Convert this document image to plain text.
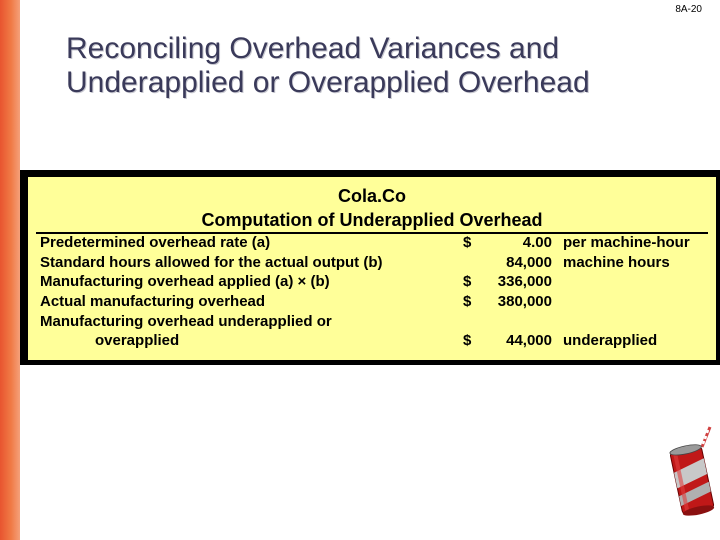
8A-20
Reconciling Overhead Variances and
Underapplied or Overapplied Overhead
Cola.Co
Computation of Underapplied Overhead
Predetermined overhead rate (a)	$	4.00 per machine-hour
Standard hours allowed for the actual output (b)	84,000 machine hours
Manufacturing overhead applied (a) × (b)	$ 336,000
Actual manufacturing overhead	$ 380,000
Manufacturing overhead underapplied or
overapplied	$ 44,000 underapplied
